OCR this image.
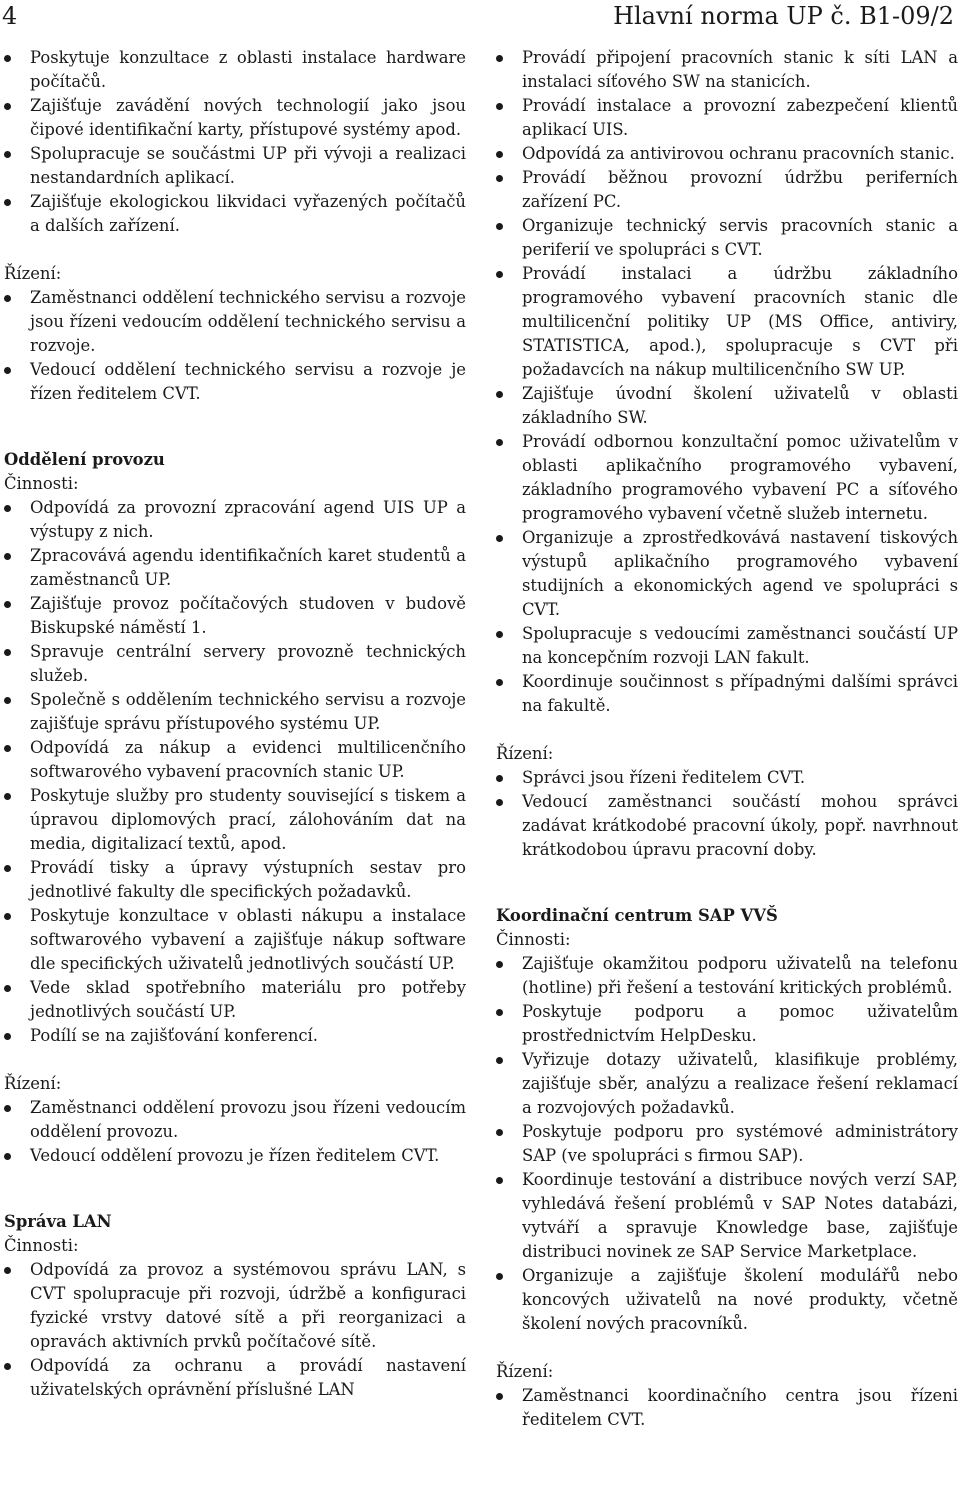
4	Hlavní norma UP č. B1-09/2
Poskytuje konzultace z oblasti instalace hardware počítačů.
Zajišťuje zavádění nových technologií jako jsou čipové identifikační karty, přístupové systémy apod.
Spolupracuje se součástmi UP při vývoji a realizaci nestandardních aplikací.
Zajišťuje ekologickou likvidaci vyřazených počítačů a dalších zařízení.

Řízení:

Zaměstnanci oddělení technického servisu a rozvoje jsou řízeni vedoucím oddělení technického servisu a rozvoje.
Vedoucí oddělení technického servisu a rozvoje je řízen ředitelem CVT.

Oddělení provozu

Činnosti:

Odpovídá za provozní zpracování agend UIS UP a výstupy z nich.
Zpracovává agendu identifikačních karet studentů a zaměstnanců UP.
Zajišťuje provoz počítačových studoven v budově Biskupské náměstí 1.
Spravuje centrální servery provozně technických služeb.
Společně s oddělením technického servisu a rozvoje zajišťuje správu přístupového systému UP.
Odpovídá za nákup a evidenci multilicenčního softwarového vybavení pracovních stanic UP.
Poskytuje služby pro studenty související s tiskem a úpravou diplomových prací, zálohováním dat na media, digitalizací textů, apod.
Provádí tisky a úpravy výstupních sestav pro jednotlivé fakulty dle specifických požadavků.
Poskytuje konzultace v oblasti nákupu a instalace softwarového vybavení a zajišťuje nákup software dle specifických uživatelů jednotlivých součástí UP.
Vede sklad spotřebního materiálu pro potřeby jednotlivých součástí UP.
Podílí se na zajišťování konferencí.

Řízení:

Zaměstnanci oddělení provozu jsou řízeni vedoucím oddělení provozu.
Vedoucí oddělení provozu je řízen ředitelem CVT.

Správa LAN

Činnosti:

Odpovídá za provoz a systémovou správu LAN, s CVT spolupracuje při rozvoji, údržbě a konfiguraci fyzické vrstvy datové sítě a při reorganizaci a opravách aktivních prvků počítačové sítě.
Odpovídá za ochranu a provádí nastavení uživatelských oprávnění příslušné LAN
Provádí připojení pracovních stanic k síti LAN a instalaci síťového SW na stanicích.
Provádí instalace a provozní zabezpečení klientů aplikací UIS.
Odpovídá za antivirovou ochranu pracovních stanic.
Provádí běžnou provozní údržbu periferních zařízení PC.
Organizuje technický servis pracovních stanic a periferií ve spolupráci s CVT.
Provádí instalaci a údržbu základního programového vybavení pracovních stanic dle multilicenční politiky UP (MS Office, antiviry, STATISTICA, apod.), spolupracuje s CVT při požadavcích na nákup multilicenčního SW UP.
Zajišťuje úvodní školení uživatelů v oblasti základního SW.
Provádí odbornou konzultační pomoc uživatelům v oblasti aplikačního programového vybavení, základního programového vybavení PC a síťového programového vybavení včetně služeb internetu.
Organizuje a zprostředkovává nastavení tiskových výstupů aplikačního programového vybavení studijních a ekonomických agend ve spolupráci s CVT.
Spolupracuje s vedoucími zaměstnanci součástí UP na koncepčním rozvoji LAN fakult.
Koordinuje součinnost s případnými dalšími správci na fakultě.

Řízení:

Správci jsou řízeni ředitelem CVT.
Vedoucí zaměstnanci součástí mohou správci zadávat krátkodobé pracovní úkoly, popř. navrhnout krátkodobou úpravu pracovní doby.

Koordinační centrum SAP VVŠ

Činnosti:

Zajišťuje okamžitou podporu uživatelů na telefonu (hotline) při řešení a testování kritických problémů.
Poskytuje podporu a pomoc uživatelům prostřednictvím HelpDesku.
Vyřizuje dotazy uživatelů, klasifikuje problémy, zajišťuje sběr, analýzu a realizace řešení reklamací a rozvojových požadavků.
Poskytuje podporu pro systémové administrátory SAP (ve spolupráci s firmou SAP).
Koordinuje testování a distribuce nových verzí SAP, vyhledává řešení problémů v SAP Notes databázi, vytváří a spravuje Knowledge base, zajišťuje distribuci novinek ze SAP Service Marketplace.
Organizuje a zajišťuje školení modulářů nebo koncových uživatelů na nové produkty, včetně školení nových pracovníků.

Řízení:

Zaměstnanci koordinačního centra jsou řízeni ředitelem CVT.
